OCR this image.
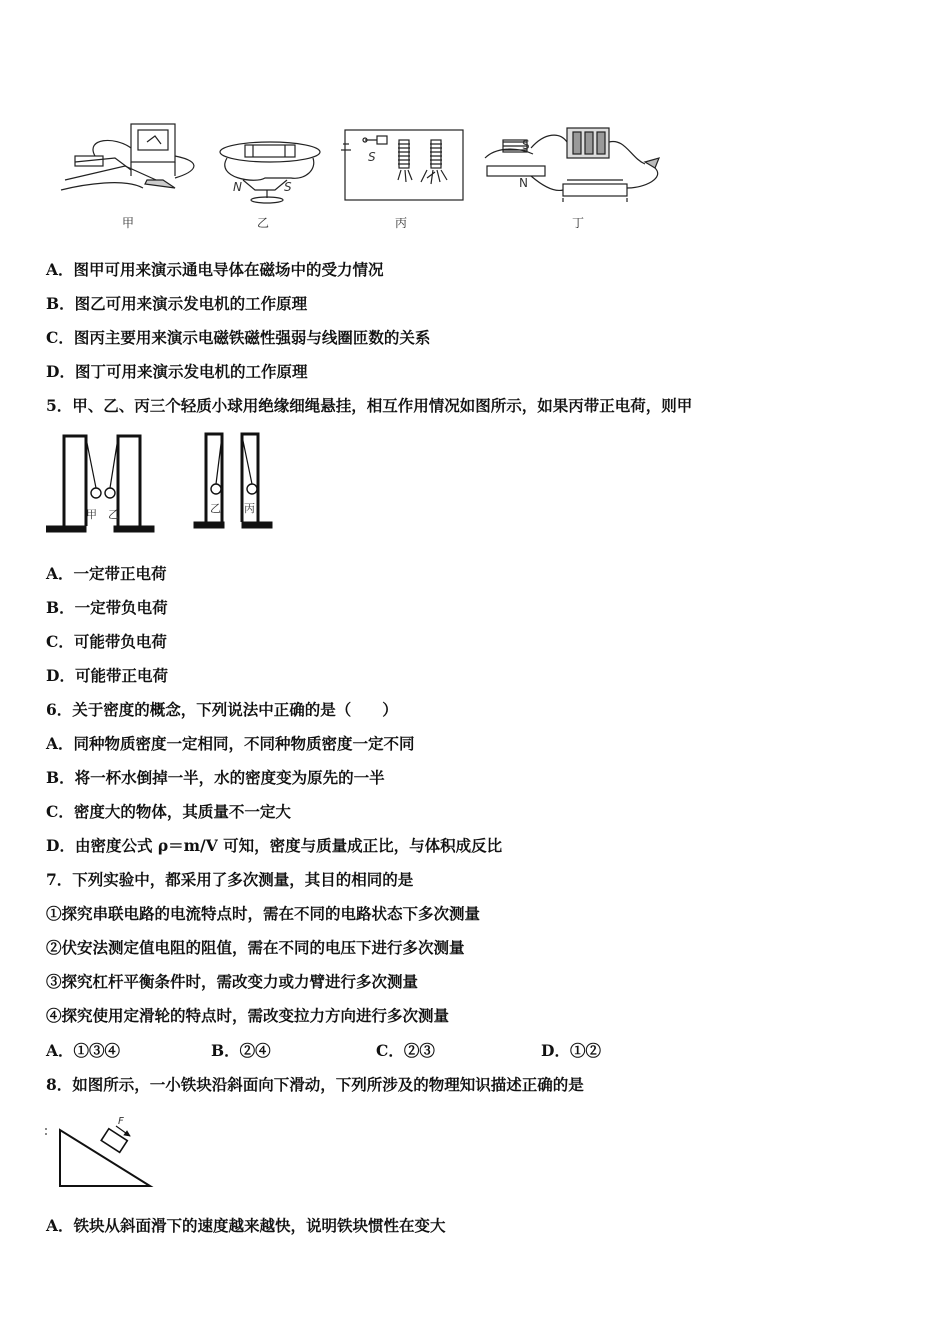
N	S
S
S
N
甲	乙	丙	丁
A．图甲可用来演示通电导体在磁场中的受力情况
B．图乙可用来演示发电机的工作原理
C．图丙主要用来演示电磁铁磁性强弱与线圈匝数的关系
D．图丁可用来演示发电机的工作原理
5．甲、乙、丙三个轻质小球用绝缘细绳悬挂，相互作用情况如图所示，如果丙带正电荷，则甲
甲 乙	乙 丙
A．一定带正电荷
B．一定带负电荷
C．可能带负电荷
D．可能带正电荷
6．关于密度的概念，下列说法中正确的是（　　）
A．同种物质密度一定相同，不同种物质密度一定不同
B．将一杯水倒掉一半，水的密度变为原先的一半
C．密度大的物体，其质量不一定大
D．由密度公式 ρ＝m/V 可知，密度与质量成正比，与体积成反比
7．下列实验中，都采用了多次测量，其目的相同的是
①探究串联电路的电流特点时，需在不同的电路状态下多次测量
②伏安法测定值电阻的阻值，需在不同的电压下进行多次测量
③探究杠杆平衡条件时，需改变力或力臂进行多次测量
④探究使用定滑轮的特点时，需改变拉力方向进行多次测量
A．①③④	B．②④	C．②③	D．①②
8．如图所示，一小铁块沿斜面向下滑动，下列所涉及的物理知识描述正确的是
F
A．铁块从斜面滑下的速度越来越快，说明铁块惯性在变大
